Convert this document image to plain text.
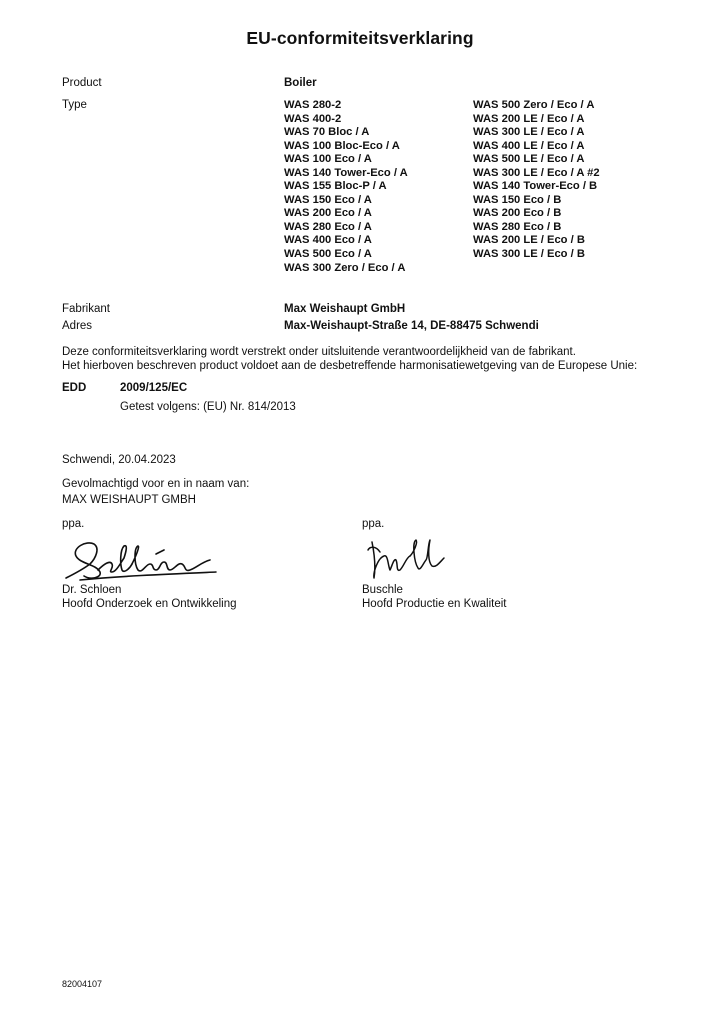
EU-conformiteitsverklaring
Product	Boiler
Type	WAS 280-2
WAS 400-2
WAS 70 Bloc / A
WAS 100 Bloc-Eco / A
WAS 100 Eco / A
WAS 140 Tower-Eco / A
WAS 155 Bloc-P / A
WAS 150 Eco / A
WAS 200 Eco / A
WAS 280 Eco / A
WAS 400 Eco / A
WAS 500 Eco / A
WAS 300 Zero / Eco / A
WAS 500 Zero / Eco / A
WAS 200 LE / Eco / A
WAS 300 LE / Eco / A
WAS 400 LE / Eco / A
WAS 500 LE / Eco / A
WAS 300 LE / Eco / A #2
WAS 140 Tower-Eco / B
WAS 150 Eco / B
WAS 200 Eco / B
WAS 280 Eco / B
WAS 200 LE / Eco / B
WAS 300 LE / Eco / B
Fabrikant	Max Weishaupt GmbH
Adres	Max-Weishaupt-Straße 14, DE-88475 Schwendi
Deze conformiteitsverklaring wordt verstrekt onder uitsluitende verantwoordelijkheid van de fabrikant.
Het hierboven beschreven product voldoet aan de desbetreffende harmonisatiewetgeving van de Europese Unie:
EDD	2009/125/EC
Getest volgens: (EU) Nr. 814/2013
Schwendi, 20.04.2023
Gevolmachtigd voor en in naam van:
MAX WEISHAUPT GMBH
ppa.
Dr. Schloen
Hoofd Onderzoek en Ontwikkeling
ppa.
Buschle
Hoofd Productie en Kwaliteit
82004107
